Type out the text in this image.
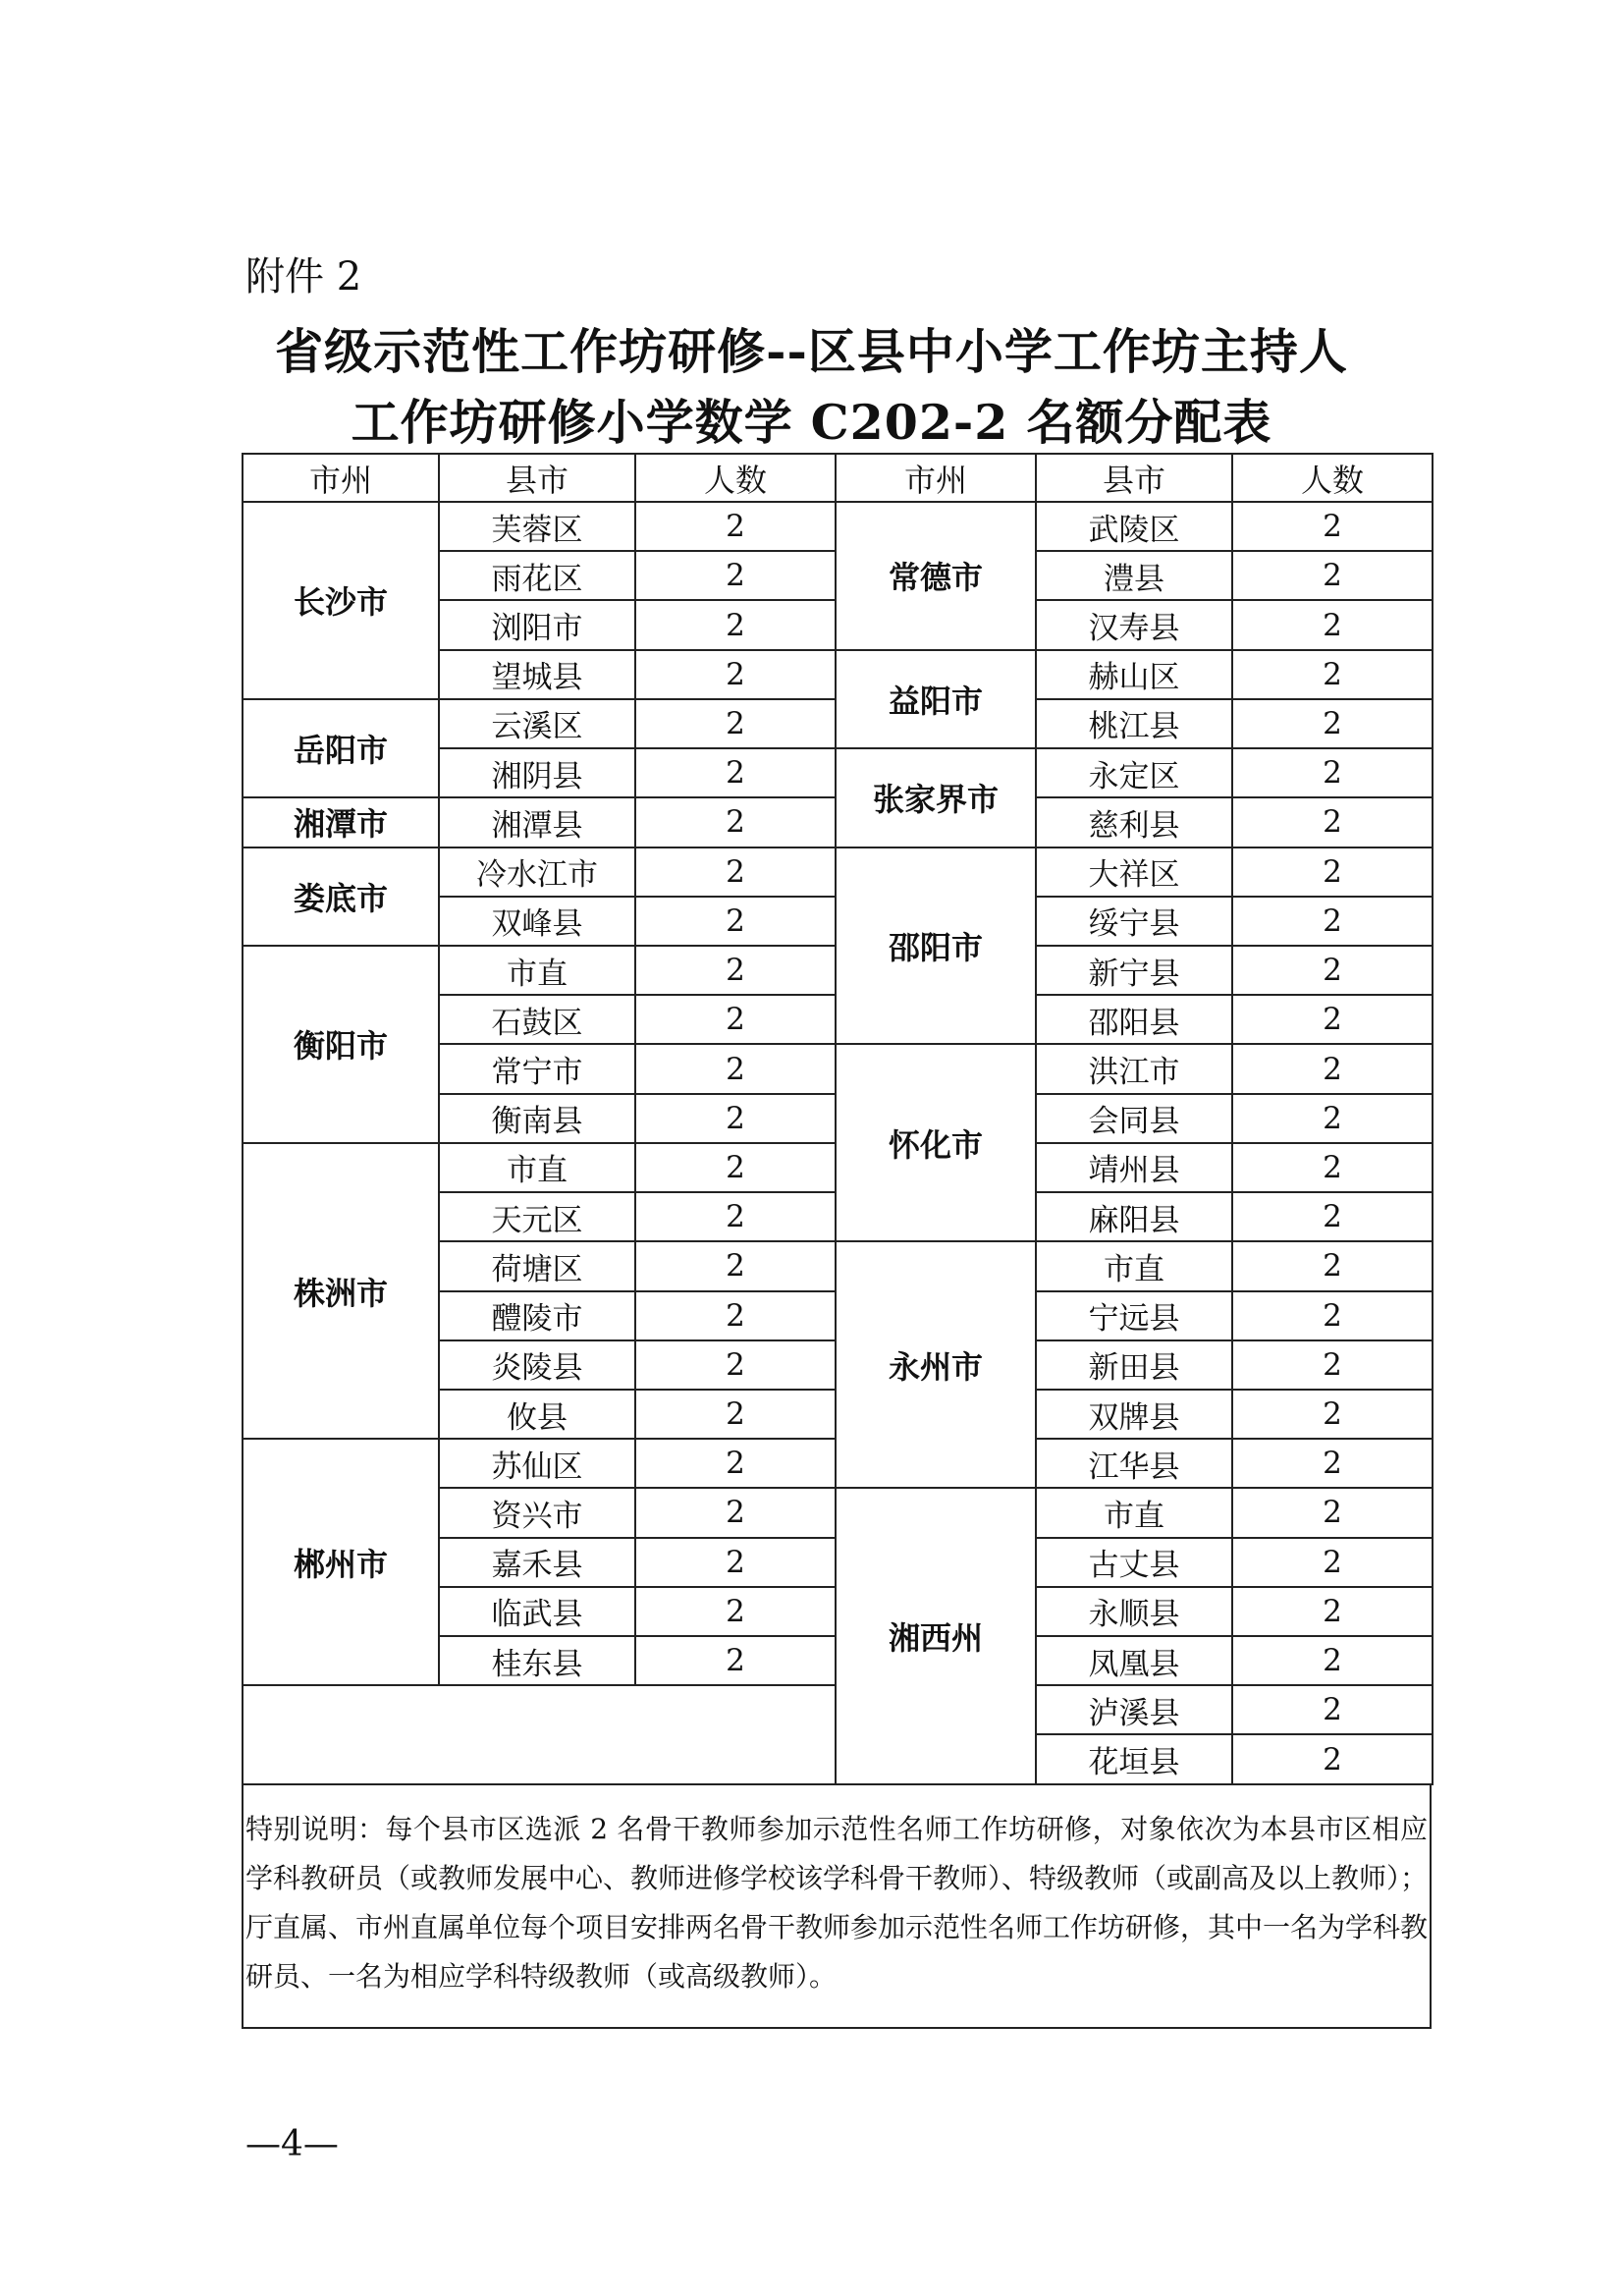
附件 2
省级示范性工作坊研修--区县中小学工作坊主持人
工作坊研修小学数学 C202-2 名额分配表
市州	县市	人数	市州	县市	人数
长沙市	芙蓉区	2	常德市	武陵区	2
	雨花区	2		澧县	2
	浏阳市	2		汉寿县	2
	望城县	2	益阳市	赫山区	2
岳阳市	云溪区	2		桃江县	2
	湘阴县	2	张家界市	永定区	2
湘潭市	湘潭县	2		慈利县	2
娄底市	冷水江市	2	邵阳市	大祥区	2
	双峰县	2		绥宁县	2
衡阳市	市直	2		新宁县	2
	石鼓区	2		邵阳县	2
	常宁市	2	怀化市	洪江市	2
	衡南县	2		会同县	2
株洲市	市直	2		靖州县	2
	天元区	2		麻阳县	2
	荷塘区	2	永州市	市直	2
	醴陵市	2		宁远县	2
	炎陵县	2		新田县	2
	攸县	2		双牌县	2
郴州市	苏仙区	2		江华县	2
	资兴市	2	湘西州	市直	2
	嘉禾县	2		古丈县	2
	临武县	2		永顺县	2
	桂东县	2		凤凰县	2
				泸溪县	2
				花垣县	2
特别说明：每个县市区选派 2 名骨干教师参加示范性名师工作坊研修，对象依次为本县市区相应学科教研员（或教师发展中心、教师进修学校该学科骨干教师）、特级教师（或副高及以上教师）；厅直属、市州直属单位每个项目安排两名骨干教师参加示范性名师工作坊研修，其中一名为学科教研员、一名为相应学科特级教师（或高级教师）。
—4—
